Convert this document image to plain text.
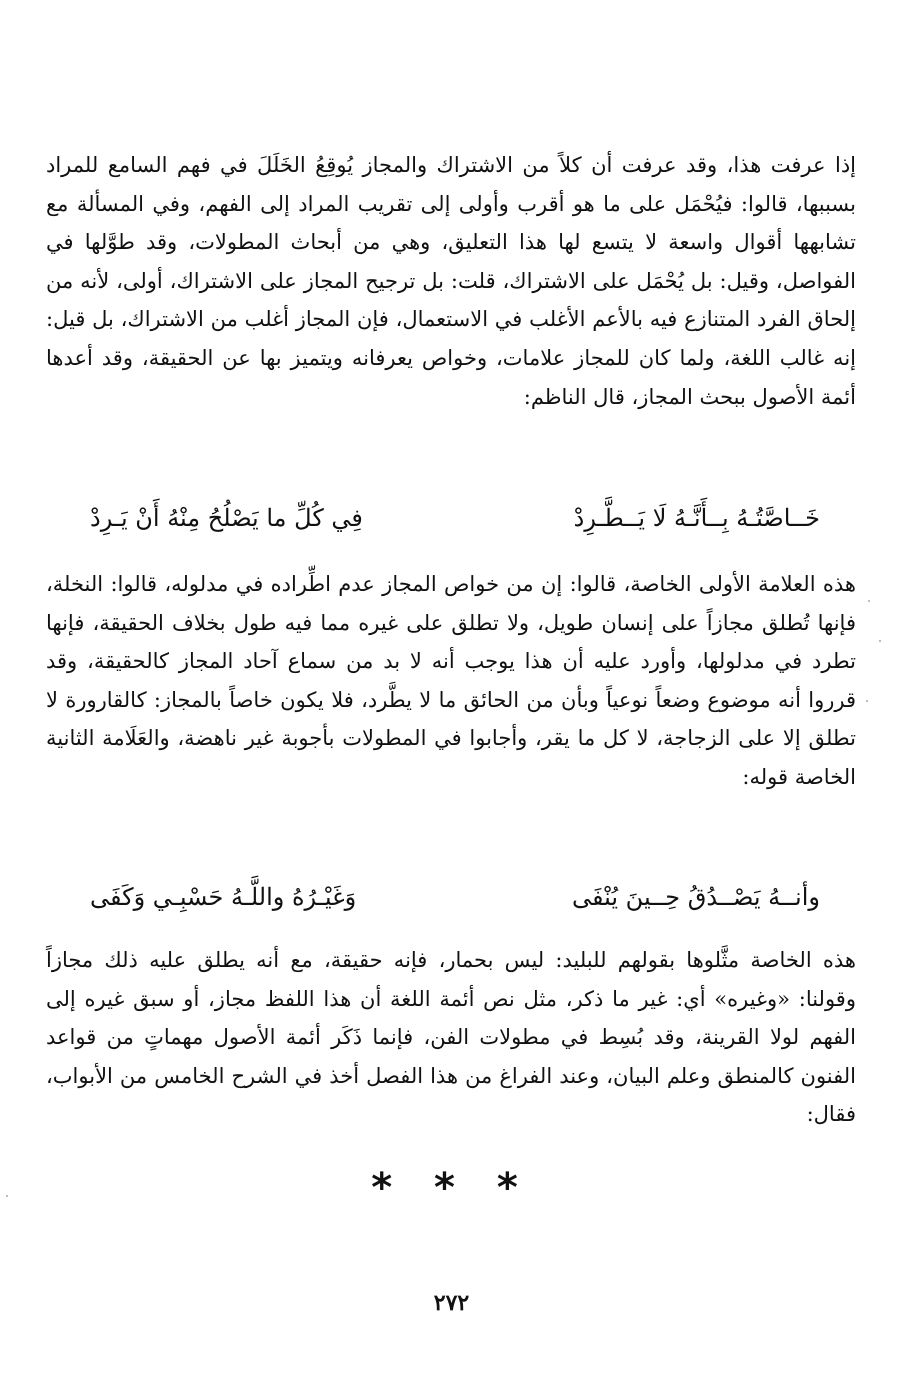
إذا عرفت هذا، وقد عرفت أن كلاً من الاشتراك والمجاز يُوقِعُ الخَلَلَ في فهم السامع للمراد بسببها، قالوا: فيُحْمَل على ما هو أقرب وأولى إلى تقريب المراد إلى الفهم، وفي المسألة مع تشابهها أقوال واسعة لا يتسع لها هذا التعليق، وهي من أبحاث المطولات، وقد طوَّلها في الفواصل، وقيل: بل يُحْمَل على الاشتراك، قلت: بل ترجيح المجاز على الاشتراك، أولى، لأنه من إلحاق الفرد المتنازع فيه بالأعم الأغلب في الاستعمال، فإن المجاز أغلب من الاشتراك، بل قيل: إنه غالب اللغة، ولما كان للمجاز علامات، وخواص يعرفانه ويتميز بها عن الحقيقة، وقد أعدها أئمة الأصول ببحث المجاز، قال الناظم:

خَــاصَّتُـهُ بِــأَنَّـهُ لَا يَــطَّـرِدْ
فِي كُلِّ ما يَصْلُحُ مِنْهُ أَنْ يَـرِدْ

هذه العلامة الأولى الخاصة، قالوا: إن من خواص المجاز عدم اطِّراده في مدلوله، قالوا: النخلة، فإنها تُطلق مجازاً على إنسان طويل، ولا تطلق على غيره مما فيه طول بخلاف الحقيقة، فإنها تطرد في مدلولها، وأورد عليه أن هذا يوجب أنه لا بد من سماع آحاد المجاز كالحقيقة، وقد قرروا أنه موضوع وضعاً نوعياً وبأن من الحائق ما لا يطَّرد، فلا يكون خاصاً بالمجاز: كالقارورة لا تطلق إلا على الزجاجة، لا كل ما يقر، وأجابوا في المطولات بأجوبة غير ناهضة، والعَلَامة الثانية الخاصة قوله:

وأنــهُ يَصْــدُقُ حِــينَ يُنْفَى
وَغَيْـرُهُ واللَّـهُ حَسْبِـي وَكَفَى

هذه الخاصة مثَّلوها بقولهم للبليد: ليس بحمار، فإنه حقيقة، مع أنه يطلق عليه ذلك مجازاً وقولنا: «وغيره» أي: غير ما ذكر، مثل نص أئمة اللغة أن هذا اللفظ مجاز، أو سبق غيره إلى الفهم لولا القرينة، وقد بُسِط في مطولات الفن، فإنما ذَكَر أئمة الأصول مهماتٍ من قواعد الفنون كالمنطق وعلم البيان، وعند الفراغ من هذا الفصل أخذ في الشرح الخامس من الأبواب، فقال:

* * *
٢٧٢
